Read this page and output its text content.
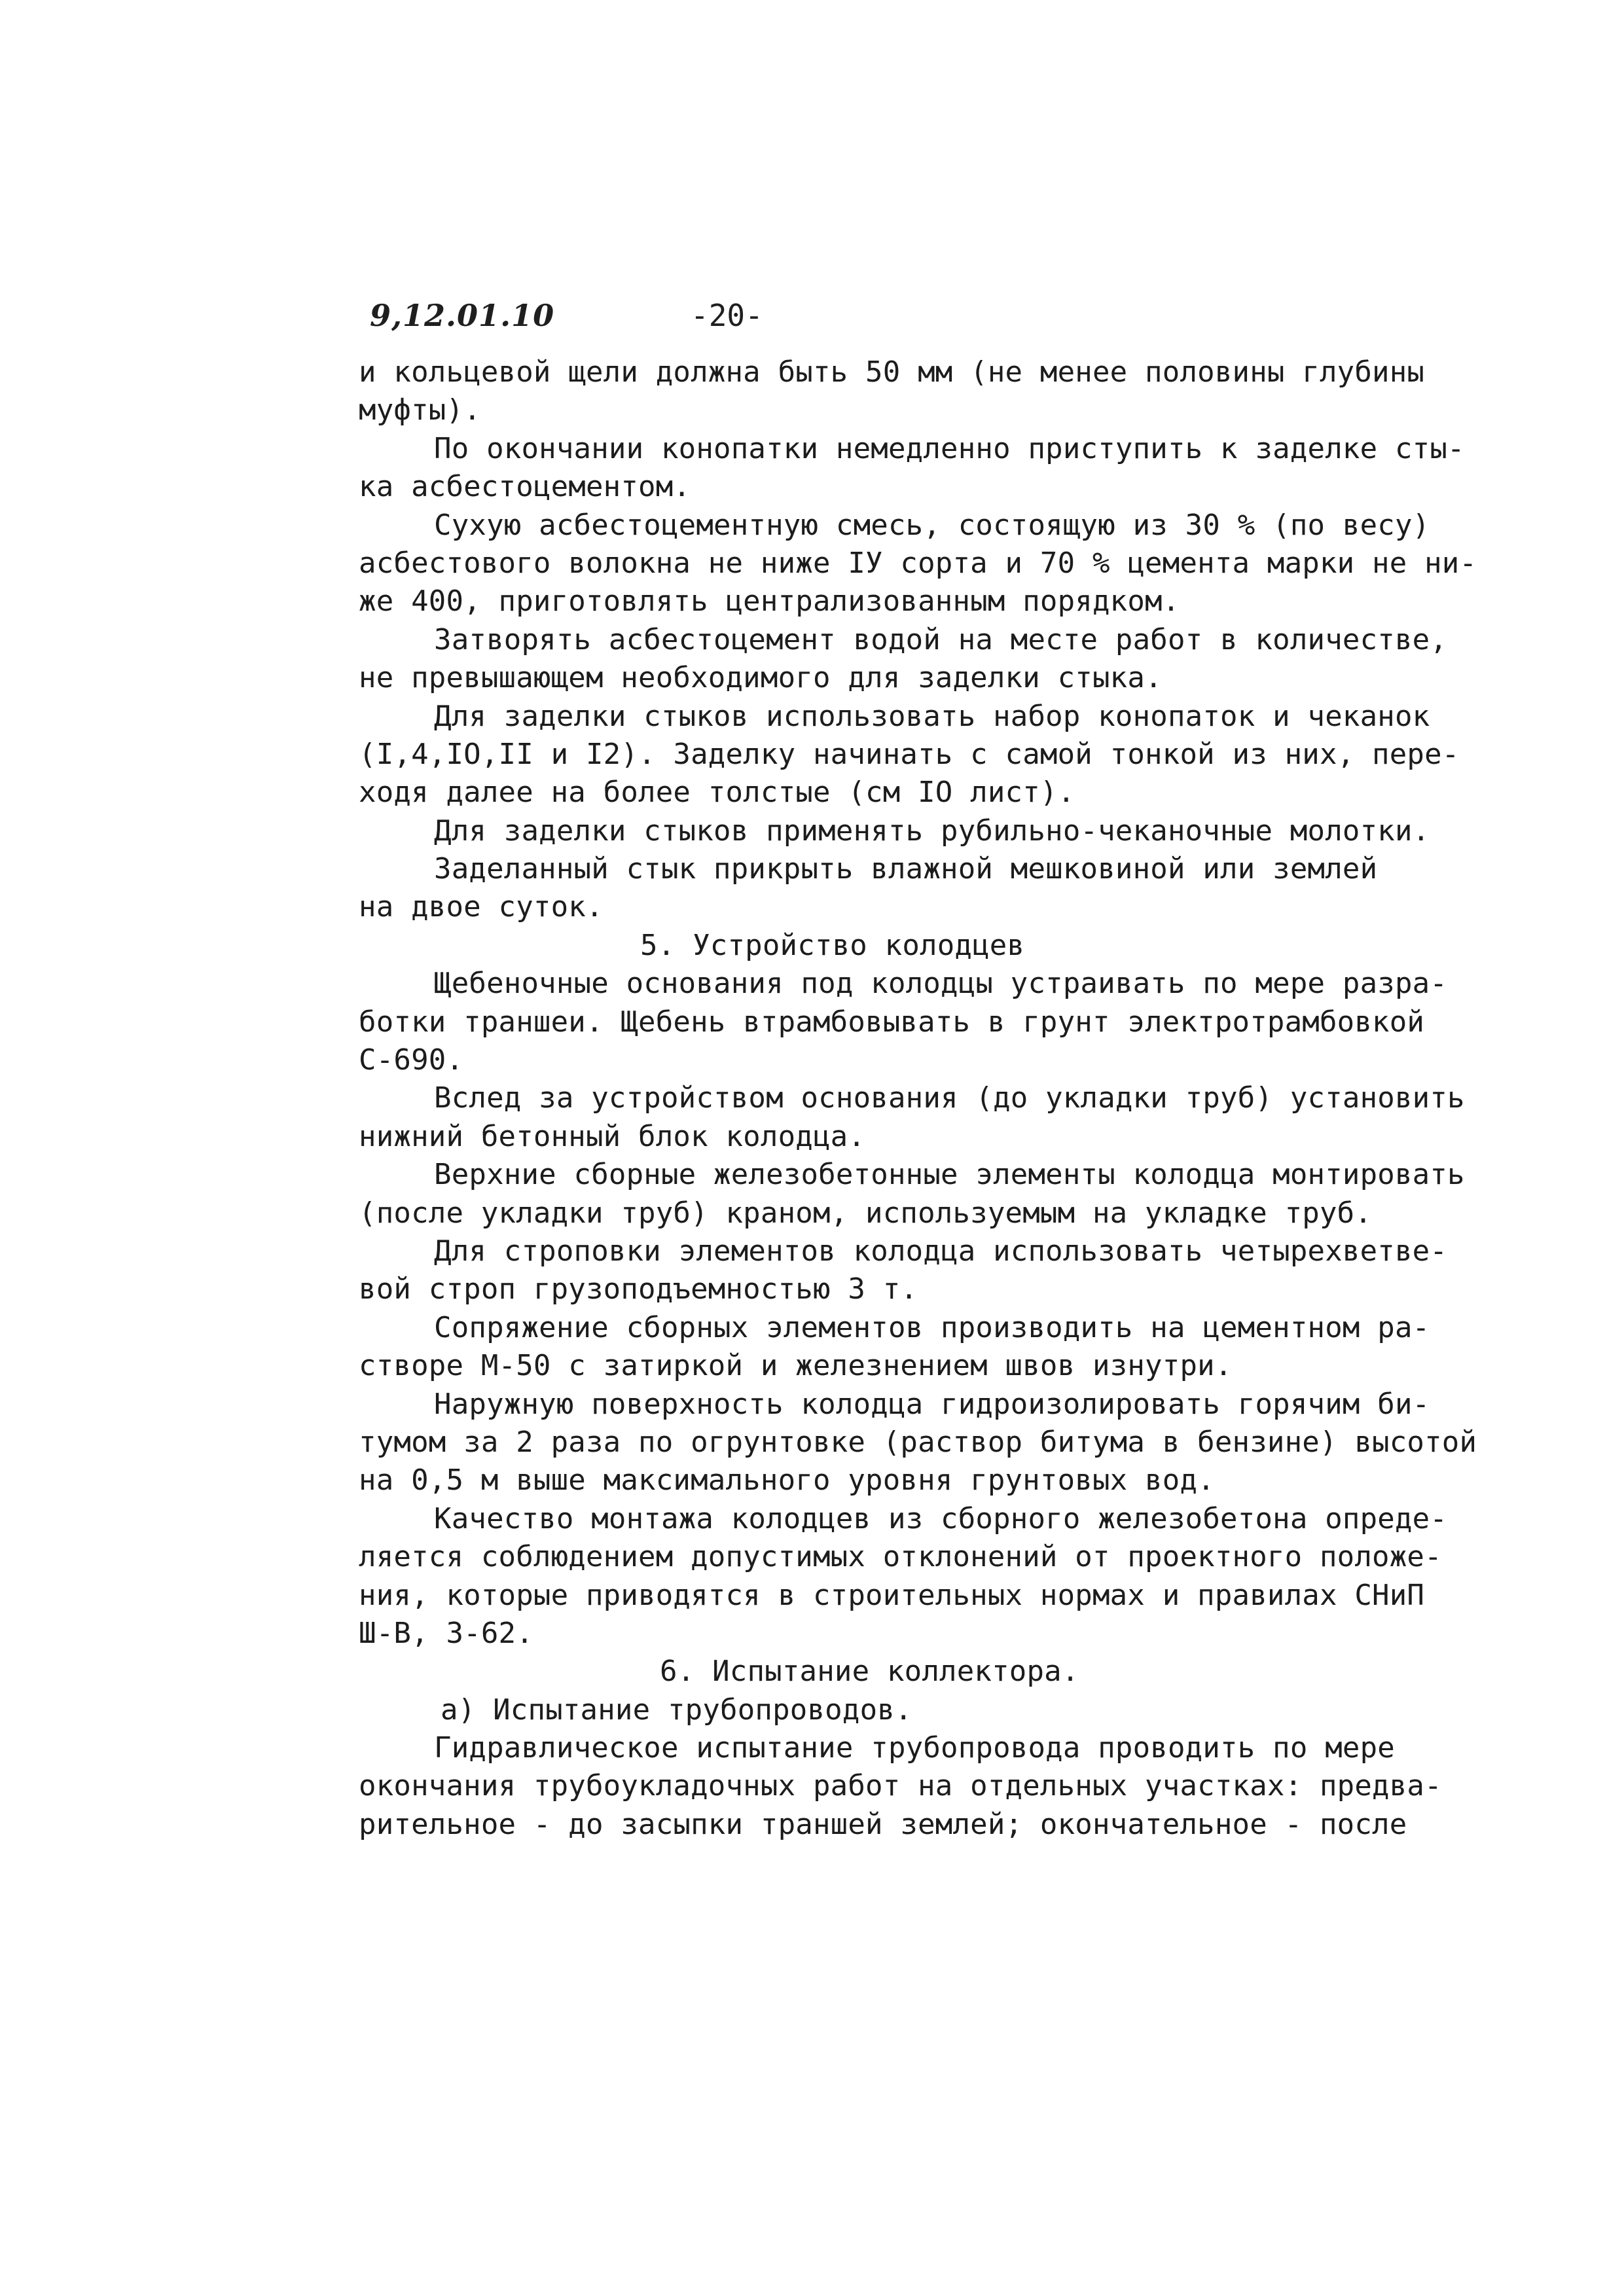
9,12.01.10	-20-
и кольцевой щели должна быть 50 мм (не менее половины глубины
муфты).
По окончании конопатки немедленно приступить к заделке сты-
ка асбестоцементом.
Сухую асбестоцементную смесь, состоящую из 30 % (по весу)
асбестового волокна не ниже IУ сорта и 70 % цемента марки не ни-
же 400, приготовлять централизованным порядком.
Затворять асбестоцемент водой на месте работ в количестве,
не превышающем необходимого для заделки стыка.
Для заделки стыков использовать набор конопаток и чеканок
(I,4,IO,II и I2). Заделку начинать с самой тонкой из них, пере-
ходя далее на более толстые (см IO лист).
Для заделки стыков применять рубильно-чеканочные молотки.
Заделанный стык прикрыть влажной мешковиной или землей
на двое суток.
5. Устройство колодцев
Щебеночные основания под колодцы устраивать по мере разра-
ботки траншеи. Щебень втрамбовывать в грунт электротрамбовкой
С-690.
Вслед за устройством основания (до укладки труб) установить
нижний бетонный блок колодца.
Верхние сборные железобетонные элементы колодца монтировать
(после укладки труб) краном, используемым на укладке труб.
Для строповки элементов колодца использовать четырехветве-
вой строп грузоподъемностью 3 т.
Сопряжение сборных элементов производить на цементном ра-
створе М-50 с затиркой и железнением швов изнутри.
Наружную поверхность колодца гидроизолировать горячим би-
тумом за 2 раза по огрунтовке (раствор битума в бензине) высотой
на 0,5 м выше максимального уровня грунтовых вод.
Качество монтажа колодцев из сборного железобетона опреде-
ляется соблюдением допустимых отклонений от проектного положе-
ния, которые приводятся в строительных нормах и правилах СНиП
Ш-В, 3-62.
6. Испытание коллектора.
а) Испытание трубопроводов.
Гидравлическое испытание трубопровода проводить по мере
окончания трубоукладочных работ на отдельных участках: предва-
рительное - до засыпки траншей землей; окончательное - после
